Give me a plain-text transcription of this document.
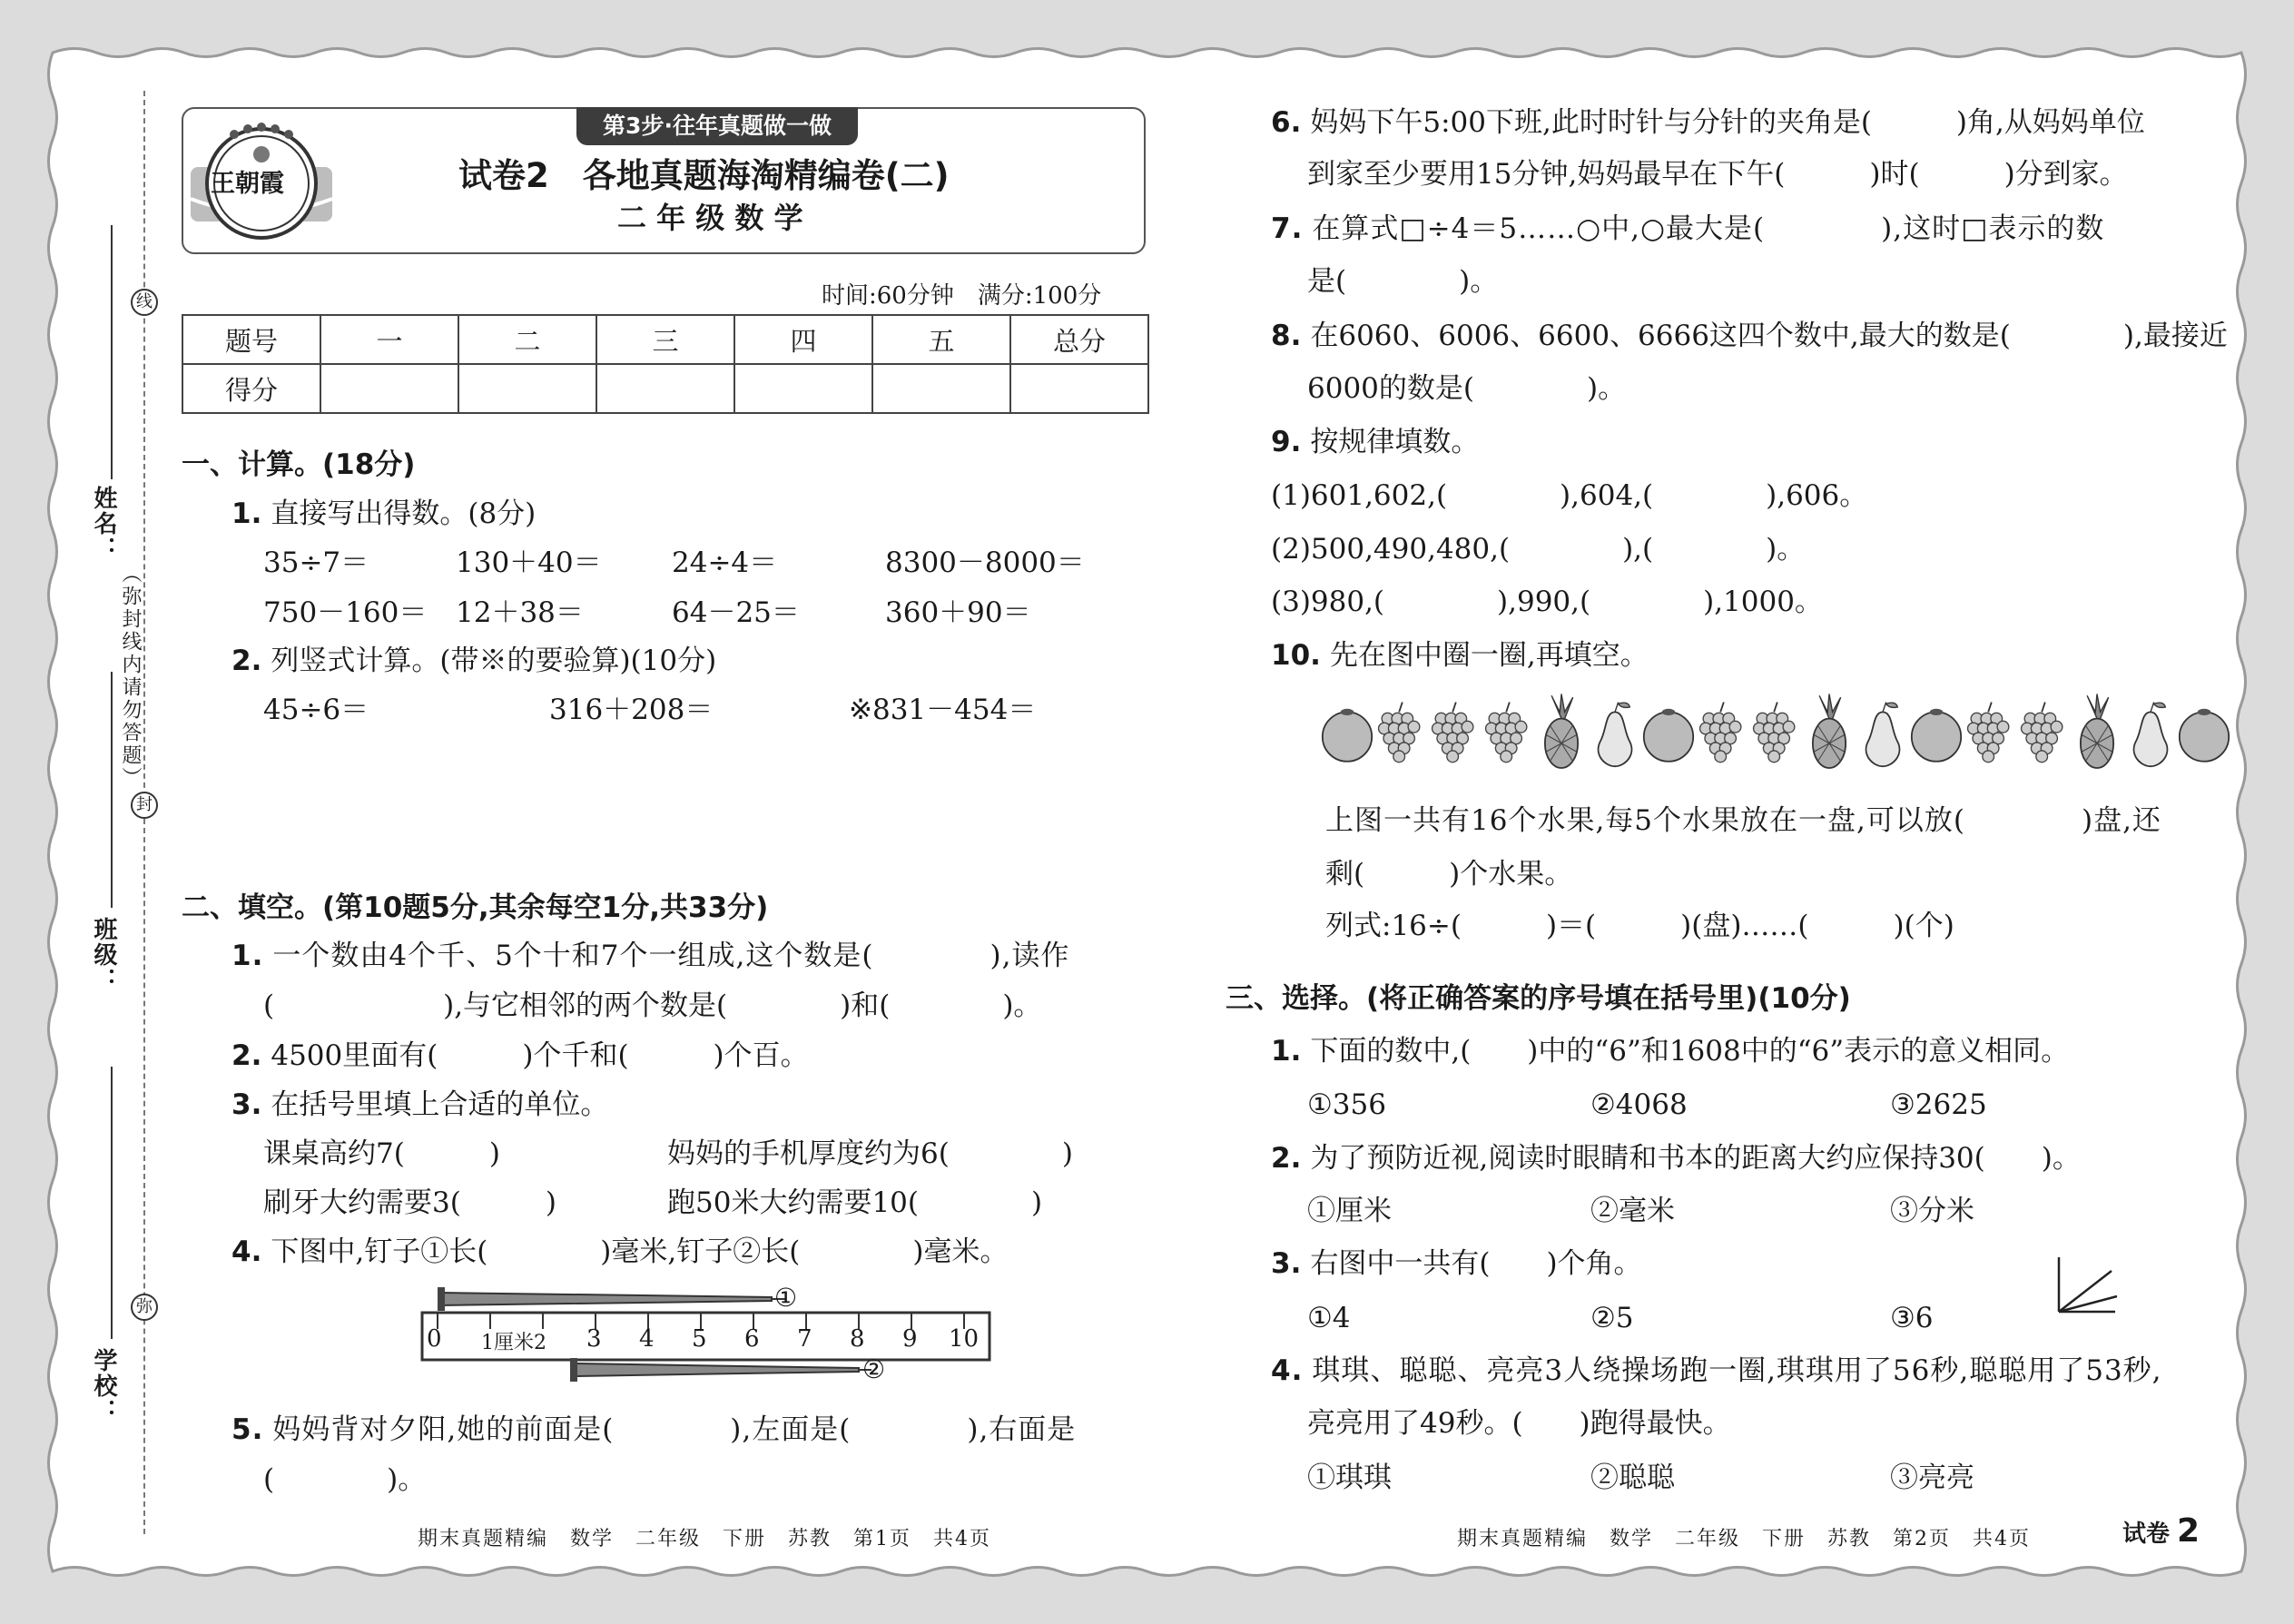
线
封
弥
（弥封线内请勿答题）
姓名：
班级：
学校：
第3步·往年真题做一做
王朝霞	试卷2　各地真题海淘精编卷(二)
二 年 级 数 学
时间:60分钟　满分:100分
题号	一	二	三	四	五	总分
得分						
一、计算。(18分)
1. 直接写出得数。(8分)
35÷7＝	130＋40＝ 24÷4＝	8300－8000＝
750－160＝ 12＋38＝	64－25＝	360＋90＝
2. 列竖式计算。(带※的要验算)(10分)
45÷6＝	316＋208＝	※831－454＝
二、填空。(第10题5分,其余每空1分,共33分)
1. 一个数由4个千、5个十和7个一组成,这个数是(　　　　),读作
(　　　　　　),与它相邻的两个数是(　　　　)和(　　　　)。
2. 4500里面有(　　　)个千和(　　　)个百。
3. 在括号里填上合适的单位。
课桌高约7(　　　)	妈妈的手机厚度约为6(　　　　)
刷牙大约需要3(　　　)	跑50米大约需要10(　　　　)
4. 下图中,钉子①长(　　　　)毫米,钉子②长(　　　　)毫米。
0 1厘米2 3 4 5 6 7 8 9 10
①
②
5. 妈妈背对夕阳,她的前面是(　　　　),左面是(　　　　),右面是
(　　　　)。
6. 妈妈下午5:00下班,此时时针与分针的夹角是(　　　)角,从妈妈单位
到家至少要用15分钟,妈妈最早在下午(　　　)时(　　　)分到家。
7. 在算式□÷4＝5……○中,○最大是(　　　　),这时□表示的数
是(　　　　)。
8. 在6060、6006、6600、6666这四个数中,最大的数是(　　　　),最接近
6000的数是(　　　　)。
9. 按规律填数。
(1)601,602,(　　　　),604,(　　　　),606。
(2)500,490,480,(　　　　),(　　　　)。
(3)980,(　　　　),990,(　　　　),1000。
10. 先在图中圈一圈,再填空。
上图一共有16个水果,每5个水果放在一盘,可以放(　　　　)盘,还
剩(　　　)个水果。
列式:16÷(　　　)＝(　　　)(盘)……(　　　)(个)
三、选择。(将正确答案的序号填在括号里)(10分)
1. 下面的数中,(　　)中的“6”和1608中的“6”表示的意义相同。
①356	②4068	③2625
2. 为了预防近视,阅读时眼睛和书本的距离大约应保持30(　　)。
①厘米	②毫米	③分米
3. 右图中一共有(　　)个角。
①4	②5	③6
4. 琪琪、聪聪、亮亮3人绕操场跑一圈,琪琪用了56秒,聪聪用了53秒,
亮亮用了49秒。(　　)跑得最快。
①琪琪	②聪聪	③亮亮
期末真题精编　数学　二年级　下册　苏教　第1页　共4页	期末真题精编　数学　二年级　下册　苏教　第2页　共4页	试卷 2
